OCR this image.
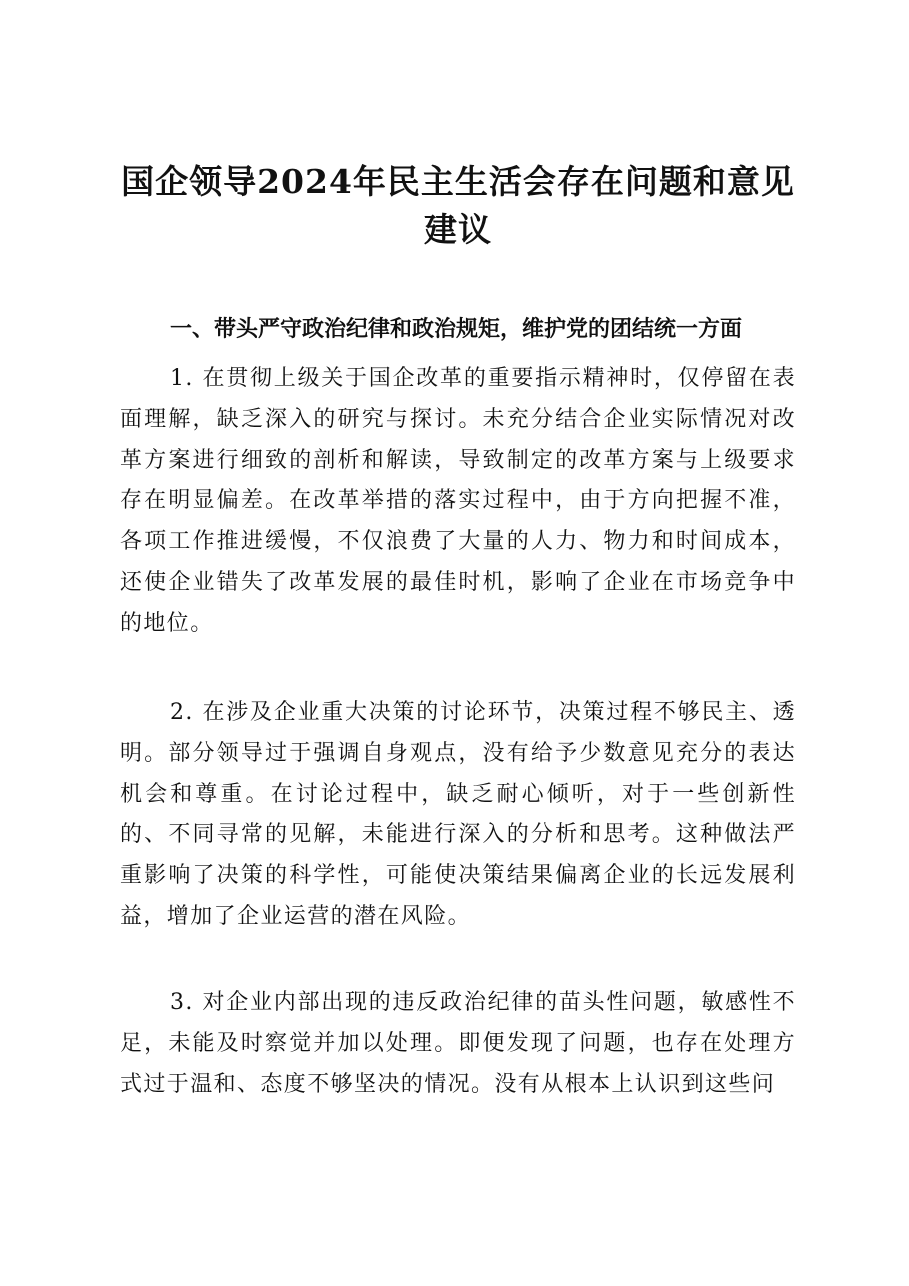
国企领导2024年民主生活会存在问题和意见建议
一、带头严守政治纪律和政治规矩，维护党的团结统一方面
1. 在贯彻上级关于国企改革的重要指示精神时，仅停留在表面理解，缺乏深入的研究与探讨。未充分结合企业实际情况对改革方案进行细致的剖析和解读，导致制定的改革方案与上级要求存在明显偏差。在改革举措的落实过程中，由于方向把握不准，各项工作推进缓慢，不仅浪费了大量的人力、物力和时间成本，还使企业错失了改革发展的最佳时机，影响了企业在市场竞争中的地位。
2. 在涉及企业重大决策的讨论环节，决策过程不够民主、透明。部分领导过于强调自身观点，没有给予少数意见充分的表达机会和尊重。在讨论过程中，缺乏耐心倾听，对于一些创新性的、不同寻常的见解，未能进行深入的分析和思考。这种做法严重影响了决策的科学性，可能使决策结果偏离企业的长远发展利益，增加了企业运营的潜在风险。
3. 对企业内部出现的违反政治纪律的苗头性问题，敏感性不足，未能及时察觉并加以处理。即便发现了问题，也存在处理方式过于温和、态度不够坚决的情况。没有从根本上认识到这些问
